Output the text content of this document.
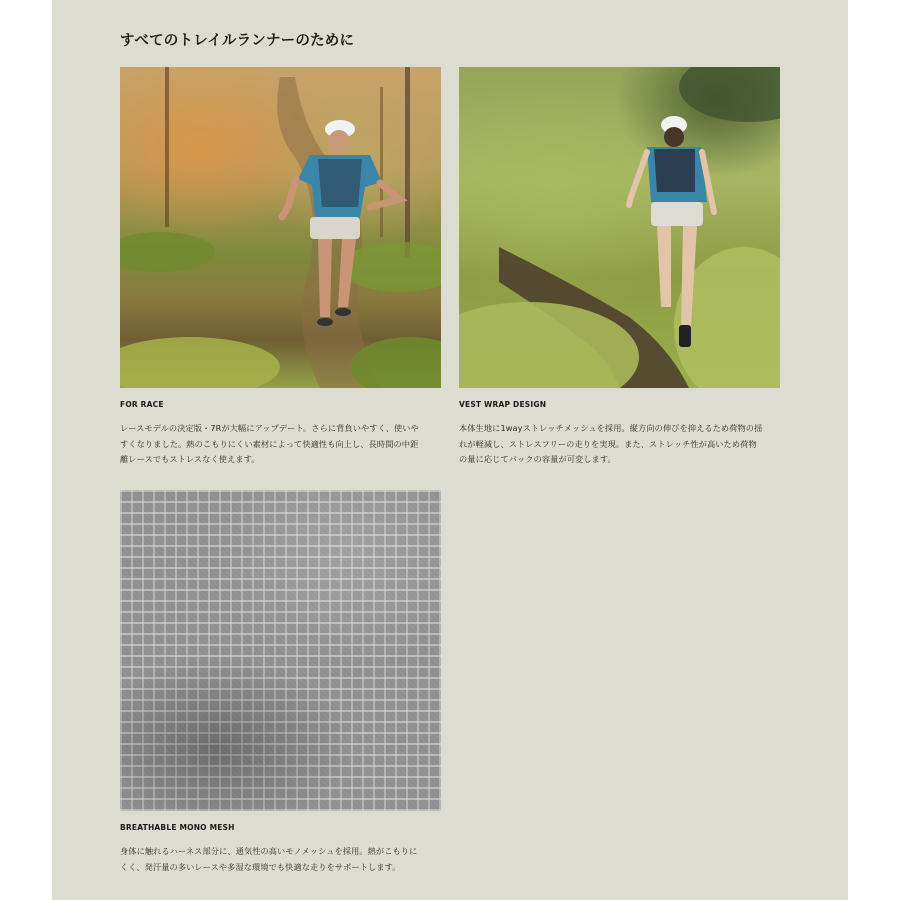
すべてのトレイルランナーのために
FOR RACE
レースモデルの決定版・7Rが大幅にアップデート。さらに背負いやすく、使いや
すくなりました。熱のこもりにくい素材によって快適性も向上し、長時間の中距
離レースでもストレスなく使えます。
VEST WRAP DESIGN
本体生地に1wayストレッチメッシュを採用。縦方向の伸びを抑えるため荷物の揺
れが軽減し、ストレスフリーの走りを実現。また、ストレッチ性が高いため荷物
の量に応じてパックの容量が可変します。
BREATHABLE MONO MESH
身体に触れるハーネス部分に、通気性の高いモノメッシュを採用。熱がこもりに
くく、発汗量の多いレースや多湿な環境でも快適な走りをサポートします。
